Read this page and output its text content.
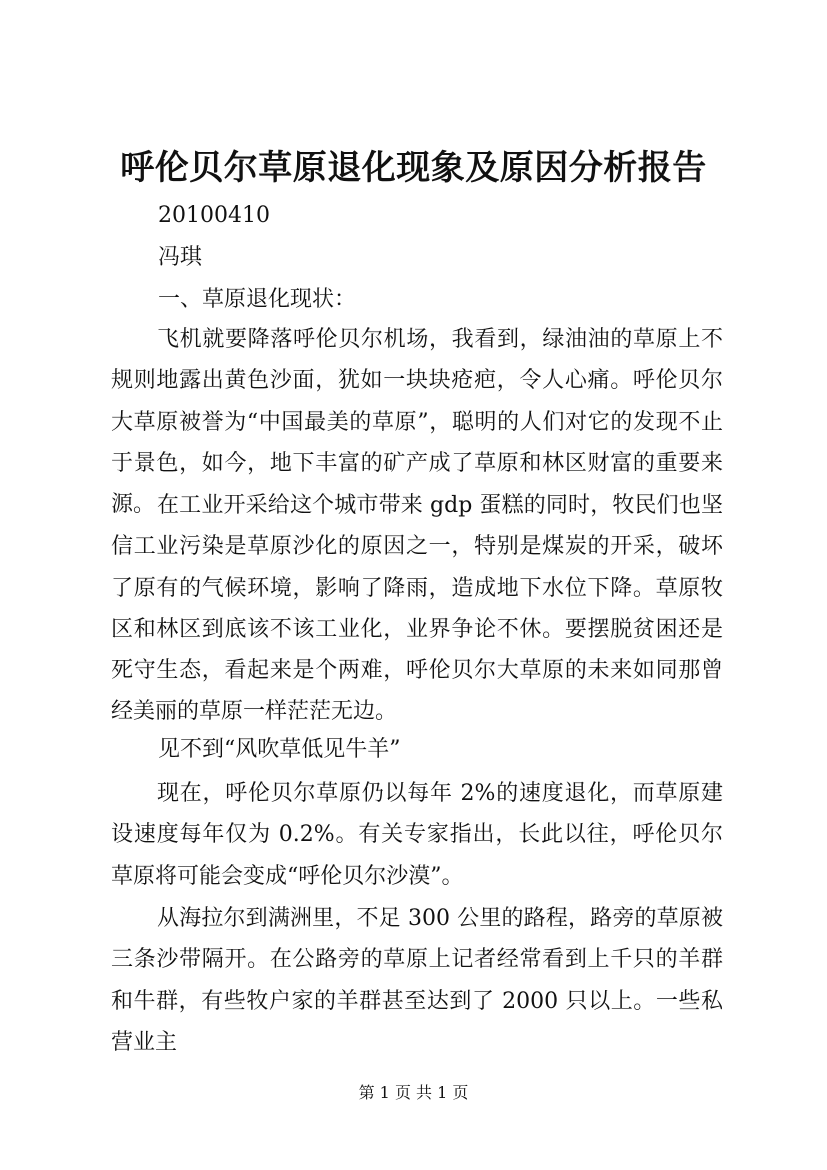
呼伦贝尔草原退化现象及原因分析报告
20100410
冯琪
一、草原退化现状：

飞机就要降落呼伦贝尔机场，我看到，绿油油的草原上不规则地露出黄色沙面，犹如一块块疮疤，令人心痛。呼伦贝尔大草原被誉为“中国最美的草原”，聪明的人们对它的发现不止于景色，如今，地下丰富的矿产成了草原和林区财富的重要来源。 在工业开采给这个城市带来 gdp 蛋糕的同时，牧民们也坚信工业污染是草原沙化的原因之一，特别是煤炭的开采，破坏了原有的气候环境，影响了降雨，造成地下水位下降。草原牧区和林区到底该不该工业化，业界争论不休。要摆脱贫困还是死守生态，看起来是个两难，呼伦贝尔大草原的未来如同那曾经美丽的草原一样茫茫无边。

见不到“风吹草低见牛羊”

现在，呼伦贝尔草原仍以每年 2%的速度退化，而草原建设速度每年仅为 0.2%。有关专家指出，长此以往，呼伦贝尔草原将可能会变成“呼伦贝尔沙漠”。

从海拉尔到满洲里，不足 300 公里的路程，路旁的草原被三条沙带隔开。在公路旁的草原上记者经常看到上千只的羊群和牛群，有些牧户家的羊群甚至达到了 2000 只以上。一些私营业主

第 1 页 共 1 页
